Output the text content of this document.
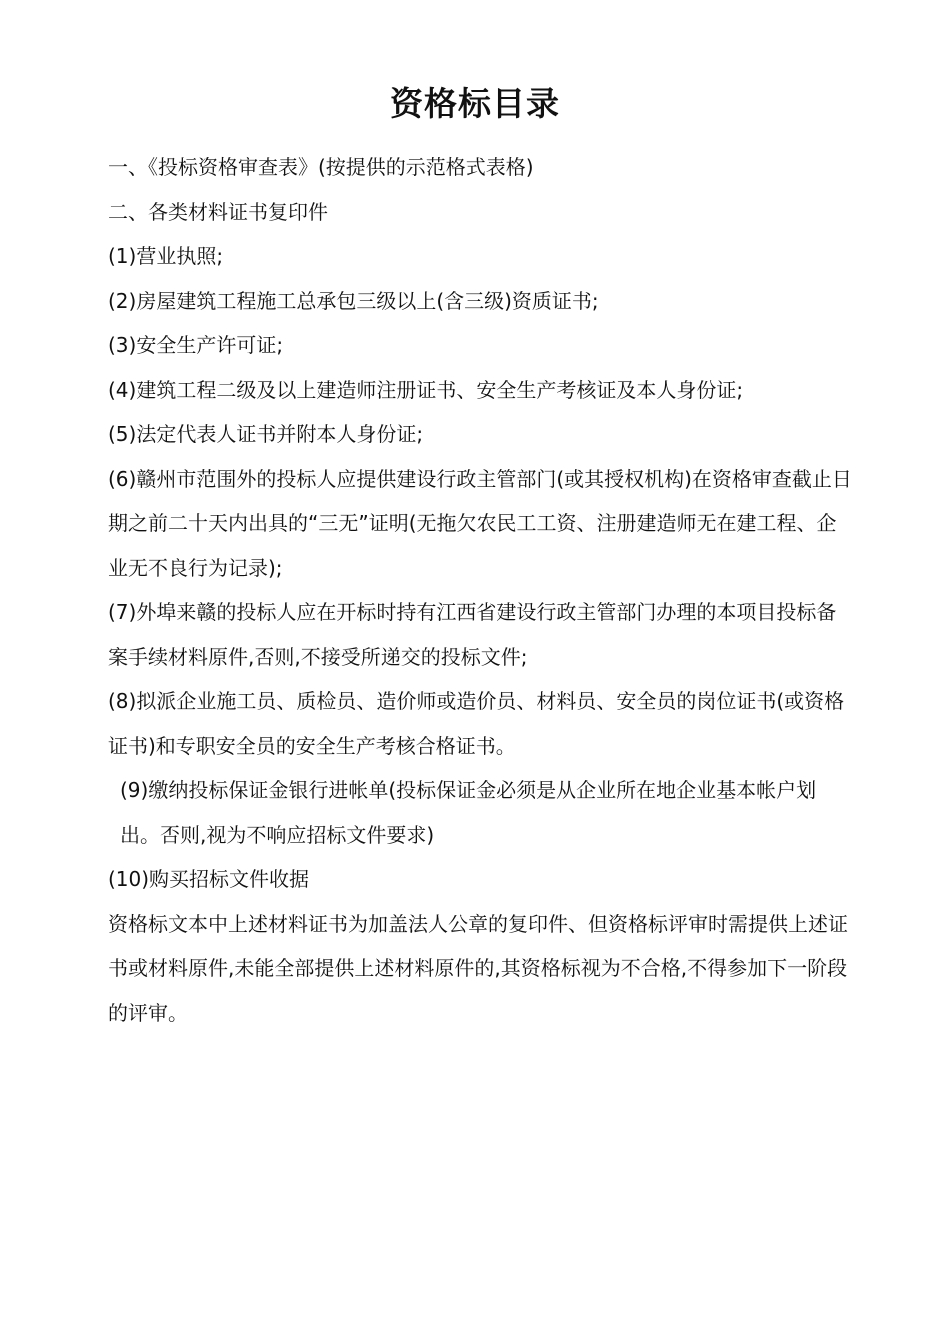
资格标目录

一、《投标资格审查表》(按提供的示范格式表格)

二、各类材料证书复印件

(1)营业执照;

(2)房屋建筑工程施工总承包三级以上(含三级)资质证书;

(3)安全生产许可证;

(4)建筑工程二级及以上建造师注册证书、安全生产考核证及本人身份证;

(5)法定代表人证书并附本人身份证;

(6)赣州市范围外的投标人应提供建设行政主管部门(或其授权机构)在资格审查截止日期之前二十天内出具的“三无”证明(无拖欠农民工工资、注册建造师无在建工程、企业无不良行为记录);

(7)外埠来赣的投标人应在开标时持有江西省建设行政主管部门办理的本项目投标备案手续材料原件,否则,不接受所递交的投标文件;

(8)拟派企业施工员、质检员、造价师或造价员、材料员、安全员的岗位证书(或资格证书)和专职安全员的安全生产考核合格证书。

(9)缴纳投标保证金银行进帐单(投标保证金必须是从企业所在地企业基本帐户划出。否则,视为不响应招标文件要求)

(10)购买招标文件收据

资格标文本中上述材料证书为加盖法人公章的复印件、但资格标评审时需提供上述证书或材料原件,未能全部提供上述材料原件的,其资格标视为不合格,不得参加下一阶段的评审。
